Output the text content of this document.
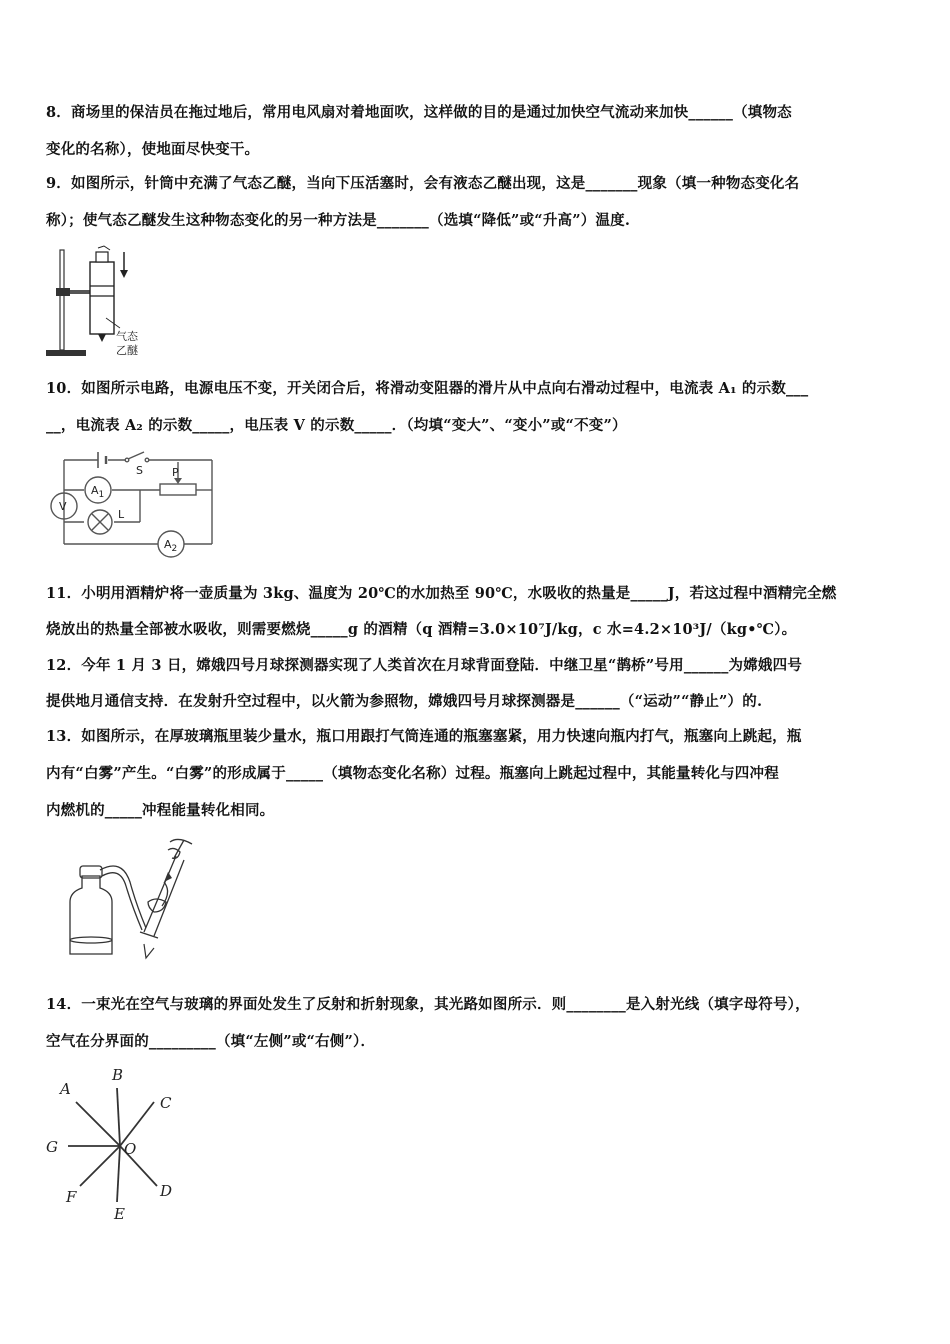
8．商场里的保洁员在拖过地后，常用电风扇对着地面吹，这样做的目的是通过加快空气流动来加快______（填物态
变化的名称），使地面尽快变干。
9．如图所示，针筒中充满了气态乙醚，当向下压活塞时，会有液态乙醚出现，这是_______现象（填一种物态变化名
称）；使气态乙醚发生这种物态变化的另一种方法是_______（选填“降低”或“升高”）温度.
气态
乙醚
10．如图所示电路，电源电压不变，开关闭合后，将滑动变阻器的滑片从中点向右滑动过程中，电流表 A₁ 的示数___
__，电流表 A₂ 的示数_____，电压表 V 的示数_____．（均填“变大”、“变小”或“不变”）
S	P
V
$A_1$
$A_2$
L
11．小明用酒精炉将一壶质量为 3kg、温度为 20℃的水加热至 90℃，水吸收的热量是_____J，若这过程中酒精完全燃
烧放出的热量全部被水吸收，则需要燃烧_____g 的酒精（q 酒精=3.0×10⁷J/kg，c 水=4.2×10³J/（kg•℃）。
12．今年 1 月 3 日，嫦娥四号月球探测器实现了人类首次在月球背面登陆．中继卫星“鹊桥”号用______为嫦娥四号
提供地月通信支持．在发射升空过程中，以火箭为参照物，嫦娥四号月球探测器是______（“运动”“静止”）的.
13．如图所示，在厚玻璃瓶里装少量水，瓶口用跟打气筒连通的瓶塞塞紧，用力快速向瓶内打气，瓶塞向上跳起，瓶
内有“白雾”产生。“白雾”的形成属于_____（填物态变化名称）过程。瓶塞向上跳起过程中，其能量转化与四冲程
内燃机的_____冲程能量转化相同。
14．一束光在空气与玻璃的界面处发生了反射和折射现象，其光路如图所示．则________是入射光线（填字母符号），
空气在分界面的_________（填“左侧”或“右侧”）．
A
B
C
D
E
F
G	O
